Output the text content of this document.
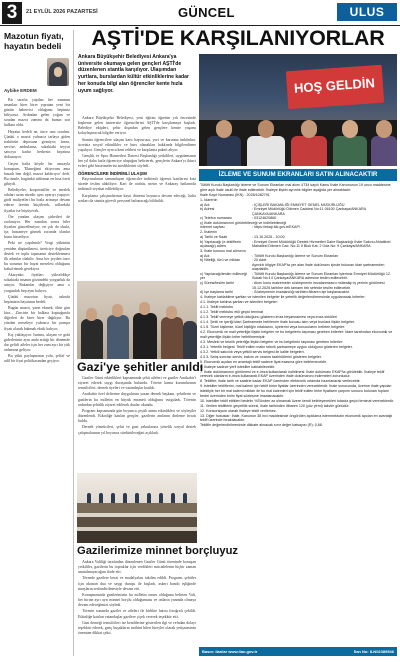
3	21 EYLÜL 2026 PAZARTESİ	GÜNCEL	ULUS
Mazotun fiyatı, hayatın bedeli
Aybike ERDEM

Bir tarafta yapılan her zammın insanları birer birer yıpratan yeni bir günün habercisi olduğunu hepimiz biliyoruz. Ardından gelen yoğun ve sıradan mazot zammı da bunun son halkası oldu.

Hayatın bedeli ne, önce onu soralım. Çünkü o mazot yalnızca tarlaya giden traktörün deposuna girmiyor; fırına, servise, ambulansa, sokaktaki seyyar satıcıya kadar herkesin hayatına dokunuyor.

Geçen hafta köyde bir amcayla konuştum. 'Ekmeğimi ekiyorum ama hasadı ben değil, mazot kaldırıyor' dedi. Bu cümle, bugünkü tablonun en kısa özeti gibiydi.

Belediyeler, kooperatifler ve meslek odaları uzun süredir aynı uyarıyı yapıyor: girdi maliyetleri bu hızla artmaya devam ederse üretim küçülecek, raflardaki fiyatlar ise büyüyecek.

Öte yandan ulaşım şirketleri de zorlanıyor. Her zamdan sonra bilet fiyatları güncelleniyor; en çok da okula, işe, hastaneye gitmek zorunda olanlar bunu hissediyor.

Peki ne yapılmalı? Vergi yükünün yeniden düşünülmesi, üreticiye doğrudan destek ve toplu taşımanın desteklenmesi ilk adımlar olabilir. Ama her şeyden önce bu sorunun bir hayat meselesi olduğunu kabul etmek gerekiyor.

Akaryakıt fiyatları yükseldikçe sokaktaki insanın gözündeki yorgunluk da artıyor. Rakamlar değişiyor ama o yorgunluk hep aynı kalıyor.

Çünkü mazotun fiyatı, aslında hepimizin hayatının bedeli.

Bugün mazot, yarın ekmek, öbür gün kira... Zincirin bir halkası koptuğunda diğerleri de birer birer dağılıyor. Bu yüzden meseleye yalnızca bir pompa fiyatı olarak bakmak eksik kalıyor.

Kış yaklaşıyor. Isınma, ulaşım ve gıda giderlerinin aynı anda arttığı bir dönemde dar gelirli aileler için her zam ayrı bir yük anlamına geliyor.

Bu yükü paylaşmanın yolu, şeffaf ve adil bir fiyat politikasından geçiyor.

AŞTİ'DE KARŞILANIYORLAR
Ankara Büyükşehir Belediyesi Ankara'ya üniversite okumaya gelen gençleri AŞTİ'de düzenlenen stantla karşılıyor. Ulaşımdan yurtlara, burslardan kültür etkinliklerine kadar her konuda bilgi alan öğrenciler kente hızla uyum sağlıyor.

Ankara Büyükşehir Belediyesi, yeni eğitim öğretim yılı öncesinde başkente gelen üniversite öğrencilerini AŞTİ'de karşılamaya başladı. Belediye ekipleri, şehir dışından gelen gençlere kentte yaşamı kolaylaştıracak bilgiler veriyor.

Stantta öğrencilere ulaşım kartı başvurusu, yurt ve barınma imkânları, ücretsiz sosyal etkinlikler ve burs olanakları hakkında bilgilendirme yapılıyor. Gençler ayrıca kent rehberi ve karşılama paketi alıyor.

Gençlik ve Spor Hizmetleri Dairesi Başkanlığı yetkilileri, uygulamanın her yıl daha fazla öğrenciye ulaştığını belirterek, gençlerin Ankara'yı ikinci evleri gibi hissetmelerini istediklerini söyledi.

ÖĞRENCİLERE İNDİRİMLİ ULAŞIM

Başvurularını tamamlayan öğrenciler indirimli öğrenci kartlarını kısa sürede teslim alabiliyor. Kart ile otobüs, metro ve Ankaray hatlarında indirimli seyahat edilebiliyor.

Karşılama çalışmalarının kayıt dönemi boyunca devam edeceği, hafta sonları da stantta görevli personel bulunacağı bildirildi.

HOŞ GELDİN
Gazi'ye şehitler anıldı

Gaziler Günü etkinlikleri kapsamında şehit aileleri ve gaziler Anıtkabir'i ziyaret ederek saygı duruşunda bulundu. Törene kamu kurumlarının temsilcileri, dernek üyeleri ve vatandaşlar katıldı.

Anıtkabir özel defterine duygularını yazan dernek başkanı, şehitlerin ve gazilerin bu milletin en büyük emaneti olduğunu vurguladı. Törenin ardından şehitlik ziyaret edilerek dualar okundu.

Program kapsamında gün boyunca çeşitli anma etkinlikleri ve söyleşiler düzenlendi. Etkinliğe katılan gençler, gazilerin anılarını dinleme fırsatı buldu.

Dernek yöneticileri, şehit ve gazi yakınlarına yönelik sosyal destek çalışmalarının yıl boyunca sürdürüleceğini açıkladı.

Gazilerimize minnet borçluyuz

Ankara Valiliği tarafından düzenlenen Gaziler Günü töreninde konuşan yetkililer, gazilerin bu topraklar için verdikleri mücadelenin hiçbir zaman unutulmayacağını ifade etti.

Törende gazilere berat ve madalyaları takdim edildi. Program, şehitler için okunan dua ve saygı duruşu ile başladı, askeri bando eşliğinde marşların seslendirilmesiyle devam etti.

Konuşmasında gazilerimizin bu milletin onuru olduğunu belirten Vali, her birine ayrı ayrı minnet borçlu olduğumuzu ve onların yanında olmaya devam edeceğimizi söyledi.

Törenin sonunda gaziler ve aileleri ile birlikte hatıra fotoğrafı çekildi. Etkinliğe katılan vatandaşlar gazilere çiçek vererek teşekkür etti.

Gazi derneği temsilcileri ise kendilerine gösterilen ilgi ve vefadan dolayı teşekkür ederek, genç kuşakların tarihini bilen bireyler olarak yetişmesinin önemine dikkat çekti.

İZLEME VE SUNUM EKRANLARI SATIN ALINACAKTIR

Tüfüfit Kurulu Başkanlığı İzleme ve Sunum Ekranları mal alımı 4734 sayılı Kamu İhale Kanununun 19 uncu maddesine göre açık ihale usulü ile ihale edilecektir. İhaleye ilişkin ayrıntılı bilgiler aşağıda yer almaktadır:

İhale Kayıt Numarası (İKN) : 2026/1082791

1- İdarenin

a) Adı	: İÇİŞLERİ BAKANLIĞI EMNİYET GENEL MÜDÜRLÜĞÜ
b) Adresi	: Emniyet Müdürlüğü Dikmen Caddesi No:11 06100 Çankaya/ANKARA ÇANKAYA/ANKARA
c) Telefon numarası	: 03124620860
ç) İhale dokümanının görülebileceği ve indirilebileceği
internet sayfası	: https://ekap.kik.gov.tr/EKAP/

2- İhalenin

a) Tarihi ve Saati	: 13.10.2026 - 10:00
b) Yapılacağı (e-tekliflerin açılacağı) adres
: Emniyet Genel Müdürlüğü Destek Hizmetleri Daire Başkanlığı İhale Salonu Ahlatlıbel Mahallesi Dikmen Cad. No:11 0 Blok Kat: 2 Oda No: 9 Çankaya/ANKARA

3- İhale konusu mal alımının

a) Adı	: Tüfüfit Kurulu Başkanlığı İzleme ve Sunum Ekranları
b) Niteliği, türü ve miktarı	: 20 Adet
Ayrıntılı bilgiye EKAP'ta yer alan ihale dokümanı içinde bulunan idari şartnameden ulaşılabilir.
c) Yapılacağı/teslim edileceği yer
: Tüfüfit Kurulu Başkanlığı İzleme ve Sunum Ekranları işlerimiz Emniyet Müdürlüğü 12. Sokak No:14 Çankaya/ANKARA adresine teslim edilecektir.
ç) Süresi/teslim tarihi	: Alımı konu malzemeler sözleşmenin imzalanmasını müteakip iş yerinin görülmesi 15.12.2026 tarihine dek tamamı tek seferde teslim edilecektir.
d) İşe başlama tarihi	: Sözleşmenin imzalandığı tarihten itibaren işe başlanacaktır.

4- İhaleye katılabilme şartları ve istenilen belgeler ile yeterlik değerlendirmesinde uygulanacak kriterler:

4.1. İhaleye katılma şartları ve istenilen belgeler:

4.1.1. Teklif mektubu

4.1.2. Teklif mektubu ekli geçici teminat

4.1.3. Teklif vermeye yetkili olduğunu gösteren imza beyannamesi veya imza sirküleri

4.1.4. Şekli ve içeriği İdari Şartnamede belirlenen ihale konusu alım veya bunlara ilişkin belgeler.

4.1.5. Tüzel kişilerde, tüzel kişiliğin ortaklarını, üyelerini veya kurucularını belirten belgeler.

4.2. Ekonomik ve mali yeterliğe ilişkin belgeler ve bu belgelerin taşıması gereken kriterler: İdare tarafından ekonomik ve mali yeterliğe ilişkin kriter belirtilmemiştir.

4.3. Mesleki ve teknik yeterliğe ilişkin belgeler ve bu belgelerin taşıması gereken kriterler:

4.3.1. Yeterlik belgesi: Teklif edilen malın teknik şartnameye uygun olduğunu gösteren belgeler.

4.3.2. Yetkili satıcılık veya yetkili servis belgesi ile kalite belgeleri.

4.3.3. Satış sonrası servis, bakım ve onarım taahhütlerini gösteren belgeler.

5. Ekonomik açıdan en avantajlı teklif sadece fiyat esasına göre belirlenecektir.

6. İhaleye sadece yerli istekliler katılabilecektir.

7. İhale dokümanının görülmesi ve e-imza kullanılarak indirilmesi: İhale dokümanı EKAP'ta görülebilir. İhaleye teklif verecek olanların e-imza kullanarak EKAP üzerinden ihale dokümanını indirmeleri zorunludur.

8. Teklifler, ihale tarih ve saatine kadar EKAP üzerinden elektronik ortamda hazırlanarak verilecektir.

9. İstekliler tekliflerini, mal kalemi için teklif birim fiyatlar üzerinden vereceklerdir. İhale sonucunda, üzerine ihale yapılan istekliyle her bir mal kalemi miktarı ile bu mal kalemleri için teklif edilen birim fiyatların çarpımı sonucu bulunan toplam bedel üzerinden birim fiyat sözleşme imzalanacaktır.

10. İstekliler teklif ettikleri bedelin %3'ünden az olmamak üzere kendi belirleyecekleri tutarda geçici teminat vereceklerdir.

11. Verilen tekliflerin geçerlilik süresi, ihale tarihinden itibaren 120 (yüz yirmi) takvim günüdür.

12. Konsorsiyum olarak ihaleye teklif verilemez.

13. Diğer hususlar: İhale, Kanunun 38 inci maddesinde öngörülen açıklama istenmeksizin ekonomik açıdan en avantajlı teklif üzerinde bırakılacaktır.

Teklifin değerlendirilmesinde dikkate alınacak sınır değer katsayısı (R): 0,68.

Basın: ilanlar www.ilan.gov.tr	İlan No: ILN02389546
